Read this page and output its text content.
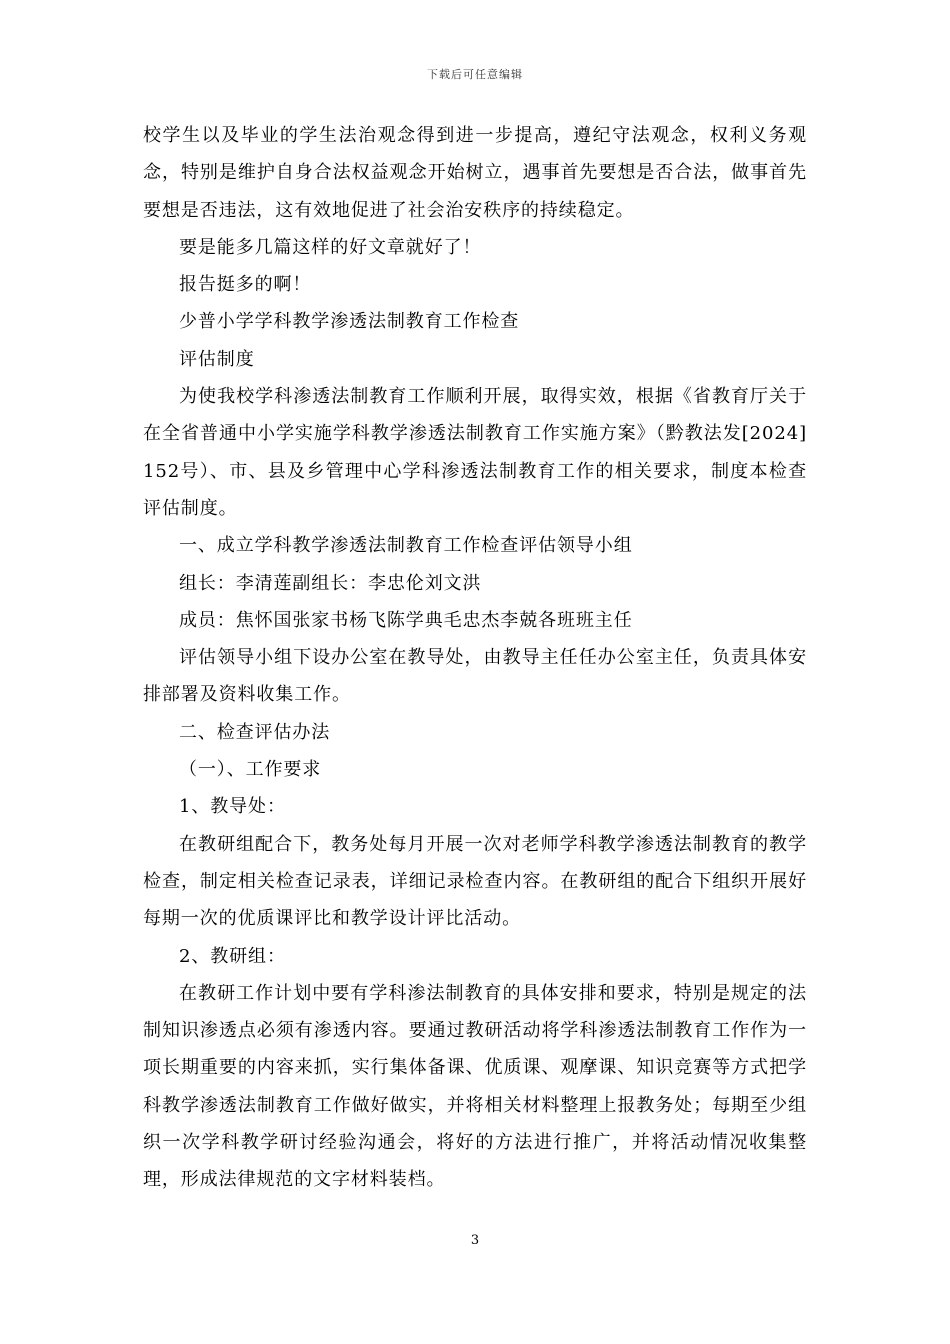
下载后可任意编辑

校学生以及毕业的学生法治观念得到进一步提高，遵纪守法观念，权利义务观念，特别是维护自身合法权益观念开始树立，遇事首先要想是否合法，做事首先要想是否违法，这有效地促进了社会治安秩序的持续稳定。

要是能多几篇这样的好文章就好了！

报告挺多的啊！

少普小学学科教学渗透法制教育工作检查

评估制度

为使我校学科渗透法制教育工作顺利开展，取得实效，根据《省教育厅关于在全省普通中小学实施学科教学渗透法制教育工作实施方案》（黔教法发[2024]152号）、市、县及乡管理中心学科渗透法制教育工作的相关要求，制度本检查评估制度。

一、成立学科教学渗透法制教育工作检查评估领导小组

组长：李清莲副组长：李忠伦刘文洪

成员：焦怀国张家书杨飞陈学典毛忠杰李兢各班班主任

评估领导小组下设办公室在教导处，由教导主任任办公室主任，负责具体安排部署及资料收集工作。

二、检查评估办法

（一）、工作要求

1、教导处：

在教研组配合下，教务处每月开展一次对老师学科教学渗透法制教育的教学检查，制定相关检查记录表，详细记录检查内容。在教研组的配合下组织开展好每期一次的优质课评比和教学设计评比活动。

2、教研组：

在教研工作计划中要有学科渗法制教育的具体安排和要求，特别是规定的法制知识渗透点必须有渗透内容。要通过教研活动将学科渗透法制教育工作作为一项长期重要的内容来抓，实行集体备课、优质课、观摩课、知识竞赛等方式把学科教学渗透法制教育工作做好做实，并将相关材料整理上报教务处；每期至少组织一次学科教学研讨经验沟通会，将好的方法进行推广，并将活动情况收集整理，形成法律规范的文字材料装档。

3
